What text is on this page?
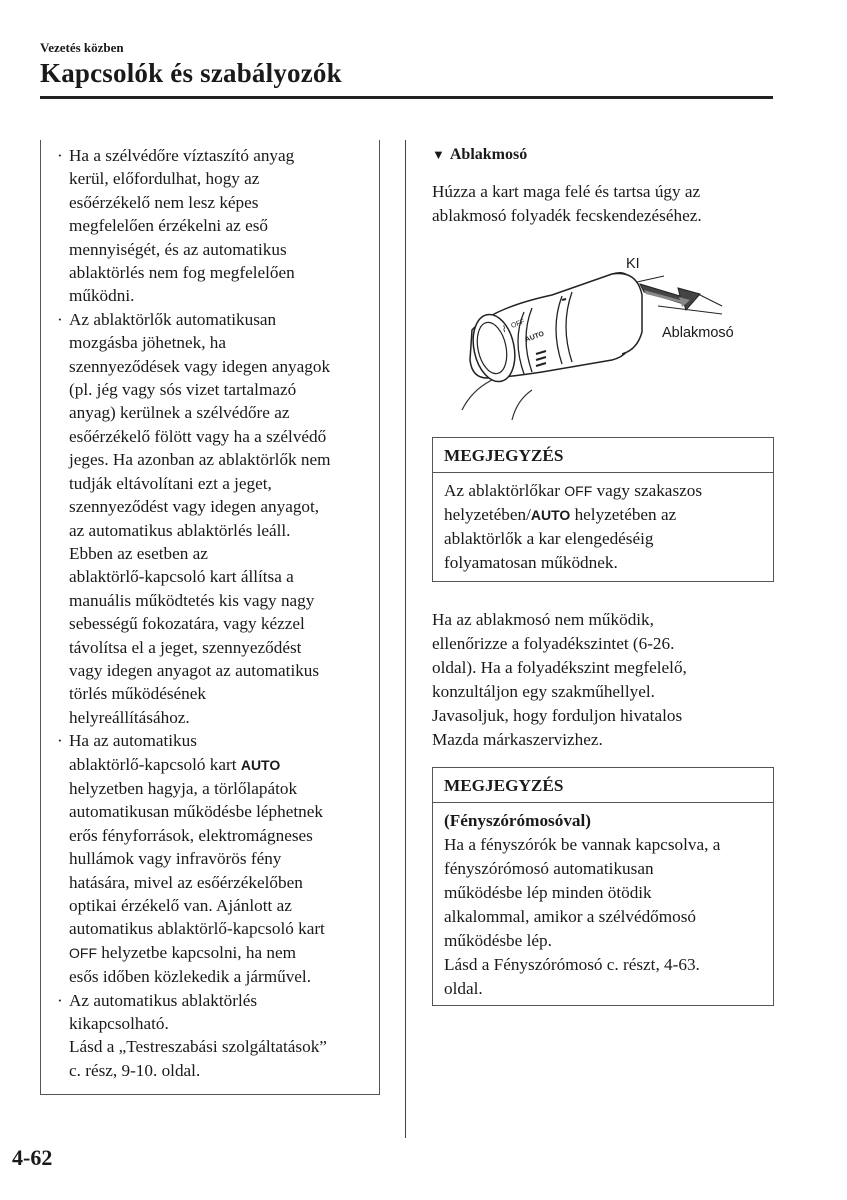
Vezetés közben
Kapcsolók és szabályozók
· Ha a szélvédőre víztaszító anyag
kerül, előfordulhat, hogy az
esőérzékelő nem lesz képes
megfelelően érzékelni az eső
mennyiségét, és az automatikus
ablaktörlés nem fog megfelelően
működni.
· Az ablaktörlők automatikusan
mozgásba jöhetnek, ha
szennyeződések vagy idegen anyagok
(pl. jég vagy sós vizet tartalmazó
anyag) kerülnek a szélvédőre az
esőérzékelő fölött vagy ha a szélvédő
jeges. Ha azonban az ablaktörlők nem
tudják eltávolítani ezt a jeget,
szennyeződést vagy idegen anyagot,
az automatikus ablaktörlés leáll.
Ebben az esetben az
ablaktörlő-kapcsoló kart állítsa a
manuális működtetés kis vagy nagy
sebességű fokozatára, vagy kézzel
távolítsa el a jeget, szennyeződést
vagy idegen anyagot az automatikus
törlés működésének
helyreállításához.
· Ha az automatikus
ablaktörlő-kapcsoló kart AUTO
helyzetben hagyja, a törlőlapátok
automatikusan működésbe léphetnek
erős fényforrások, elektromágneses
hullámok vagy infravörös fény
hatására, mivel az esőérzékelőben
optikai érzékelő van. Ajánlott az
automatikus ablaktörlő-kapcsoló kart
OFF helyzetbe kapcsolni, ha nem
esős időben közlekedik a járművel.
· Az automatikus ablaktörlés
kikapcsolható.
Lásd a „Testreszabási szolgáltatások”
c. rész, 9-10. oldal.
▼ Ablakmosó
Húzza a kart maga felé és tartsa úgy az
ablakmosó folyadék fecskendezéséhez.
OFF
AUTO
⌇
KI
Ablakmosó
MEGJEGYZÉS
Az ablaktörlőkar OFF vagy szakaszos
helyzetében/AUTO helyzetében az
ablaktörlők a kar elengedéséig
folyamatosan működnek.
Ha az ablakmosó nem működik,
ellenőrizze a folyadékszintet (6-26.
oldal). Ha a folyadékszint megfelelő,
konzultáljon egy szakműhellyel.
Javasoljuk, hogy forduljon hivatalos
Mazda márkaszervizhez.
MEGJEGYZÉS
(Fényszórómosóval)
Ha a fényszórók be vannak kapcsolva, a
fényszórómosó automatikusan
működésbe lép minden ötödik
alkalommal, amikor a szélvédőmosó
működésbe lép.
Lásd a Fényszórómosó c. részt, 4-63.
oldal.
4-62
